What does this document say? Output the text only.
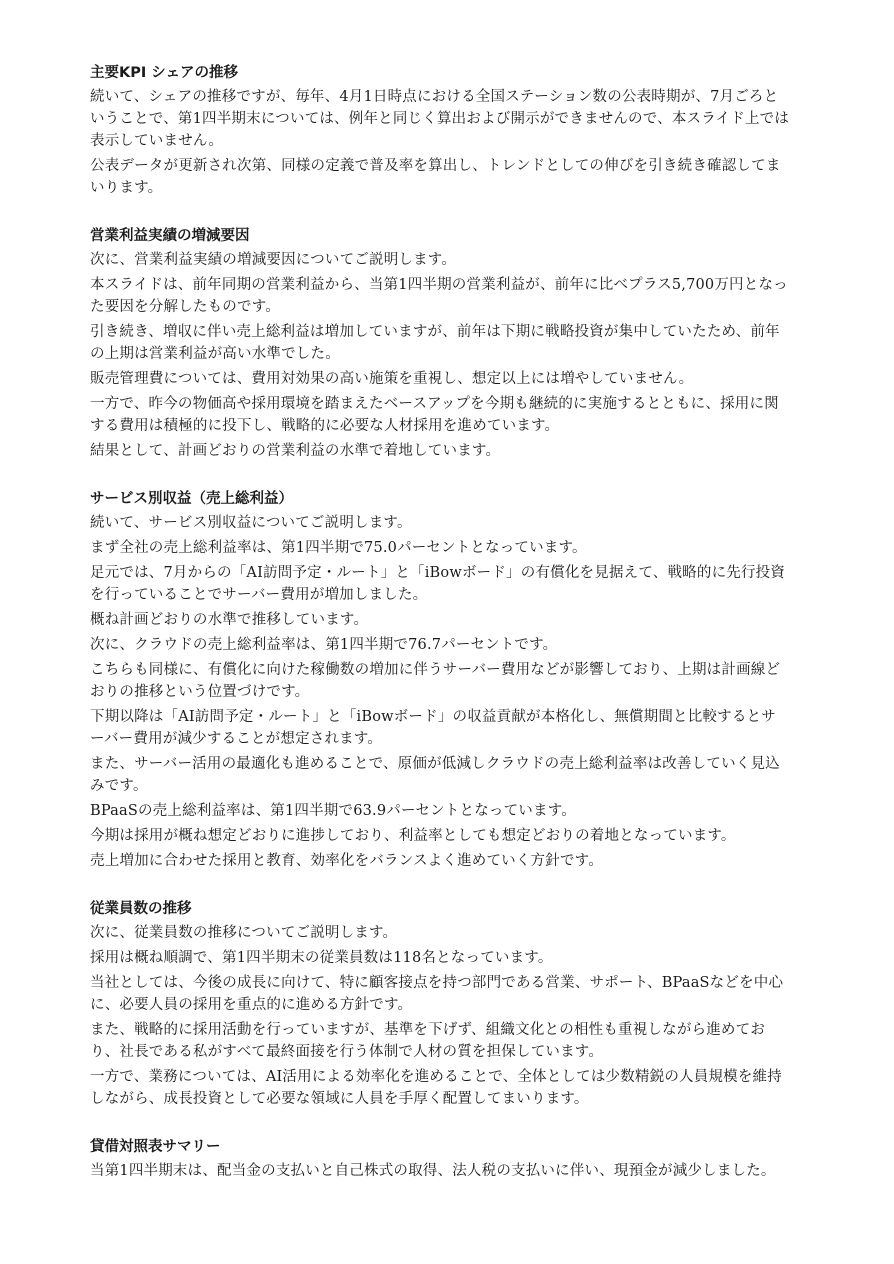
主要KPI シェアの推移
続いて、シェアの推移ですが、毎年、4月1日時点における全国ステーション数の公表時期が、7月ごろということで、第1四半期末については、例年と同じく算出および開示ができませんので、本スライド上では表示していません。
公表データが更新され次第、同様の定義で普及率を算出し、トレンドとしての伸びを引き続き確認してまいります。
営業利益実績の増減要因
次に、営業利益実績の増減要因についてご説明します。
本スライドは、前年同期の営業利益から、当第1四半期の営業利益が、前年に比べプラス5,700万円となった要因を分解したものです。
引き続き、増収に伴い売上総利益は増加していますが、前年は下期に戦略投資が集中していたため、前年の上期は営業利益が高い水準でした。
販売管理費については、費用対効果の高い施策を重視し、想定以上には増やしていません。
一方で、昨今の物価高や採用環境を踏まえたベースアップを今期も継続的に実施するとともに、採用に関する費用は積極的に投下し、戦略的に必要な人材採用を進めています。
結果として、計画どおりの営業利益の水準で着地しています。
サービス別収益（売上総利益）
続いて、サービス別収益についてご説明します。
まず全社の売上総利益率は、第1四半期で75.0パーセントとなっています。
足元では、7月からの「AI訪問予定・ルート」と「iBowボード」の有償化を見据えて、戦略的に先行投資を行っていることでサーバー費用が増加しました。
概ね計画どおりの水準で推移しています。
次に、クラウドの売上総利益率は、第1四半期で76.7パーセントです。
こちらも同様に、有償化に向けた稼働数の増加に伴うサーバー費用などが影響しており、上期は計画線どおりの推移という位置づけです。
下期以降は「AI訪問予定・ルート」と「iBowボード」の収益貢献が本格化し、無償期間と比較するとサーバー費用が減少することが想定されます。
また、サーバー活用の最適化も進めることで、原価が低減しクラウドの売上総利益率は改善していく見込みです。
BPaaSの売上総利益率は、第1四半期で63.9パーセントとなっています。
今期は採用が概ね想定どおりに進捗しており、利益率としても想定どおりの着地となっています。
売上増加に合わせた採用と教育、効率化をバランスよく進めていく方針です。
従業員数の推移
次に、従業員数の推移についてご説明します。
採用は概ね順調で、第1四半期末の従業員数は118名となっています。
当社としては、今後の成長に向けて、特に顧客接点を持つ部門である営業、サポート、BPaaSなどを中心に、必要人員の採用を重点的に進める方針です。
また、戦略的に採用活動を行っていますが、基準を下げず、組織文化との相性も重視しながら進めており、社長である私がすべて最終面接を行う体制で人材の質を担保しています。
一方で、業務については、AI活用による効率化を進めることで、全体としては少数精鋭の人員規模を維持しながら、成長投資として必要な領域に人員を手厚く配置してまいります。
貸借対照表サマリー
当第1四半期末は、配当金の支払いと自己株式の取得、法人税の支払いに伴い、現預金が減少しました。
